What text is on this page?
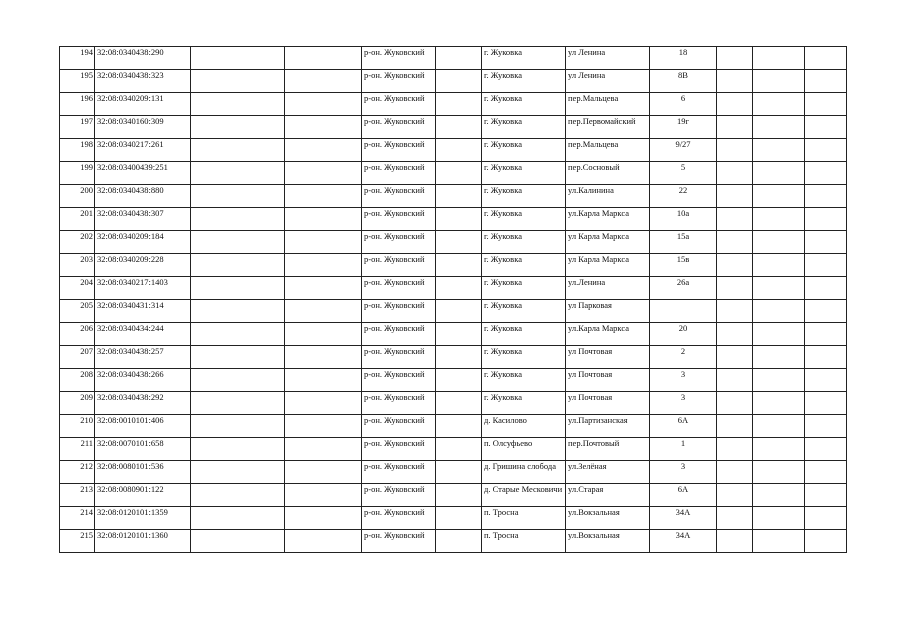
194	32:08:0340438:290			р-он. Жуковский		г. Жуковка	ул Ленина	18			
195	32:08:0340438:323			р-он. Жуковский		г. Жуковка	ул Ленина	8В			
196	32:08:0340209:131			р-он. Жуковский		г. Жуковка	пер.Мальцева	6			
197	32:08:0340160:309			р-он. Жуковский		г. Жуковка	пер.Первомайский	19г			
198	32:08:0340217:261			р-он. Жуковский		г. Жуковка	пер.Мальцева	9/27			
199	32:08:03400439:251			р-он. Жуковский		г. Жуковка	пер.Сосновый	5			
200	32:08:0340438:880			р-он. Жуковский		г. Жуковка	ул.Калинина	22			
201	32:08:0340438:307			р-он. Жуковский		г. Жуковка	ул.Карла Маркса	10а			
202	32:08:0340209:184			р-он. Жуковский		г. Жуковка	ул Карла Маркса	15а			
203	32:08:0340209:228			р-он. Жуковский		г. Жуковка	ул Карла Маркса	15в			
204	32:08:0340217:1403			р-он. Жуковский		г. Жуковка	ул.Ленина	26а			
205	32:08:0340431:314			р-он. Жуковский		г. Жуковка	ул Парковая				
206	32:08:0340434:244			р-он. Жуковский		г. Жуковка	ул.Карла Маркса	20			
207	32:08:0340438:257			р-он. Жуковский		г. Жуковка	ул Почтовая	2			
208	32:08:0340438:266			р-он. Жуковский		г. Жуковка	ул Почтовая	3			
209	32:08:0340438:292			р-он. Жуковский		г. Жуковка	ул Почтовая	3			
210	32:08:0010101:406			р-он. Жуковский		д. Касилово	ул.Партизанская	6А			
211	32:08:0070101:658			р-он. Жуковский		п. Олсуфьево	пер.Почтовый	1			
212	32:08:0080101:536			р-он. Жуковский		д. Гришина слобода	ул.Зелёная	3			
213	32:08:0080901:122			р-он. Жуковский		д. Старые Месковичи	ул.Старая	6А			
214	32:08:0120101:1359			р-он. Жуковский		п. Тросна	ул.Вокзальная	34А			
215	32:08:0120101:1360			р-он. Жуковский		п. Тросна	ул.Вокзальная	34А			
